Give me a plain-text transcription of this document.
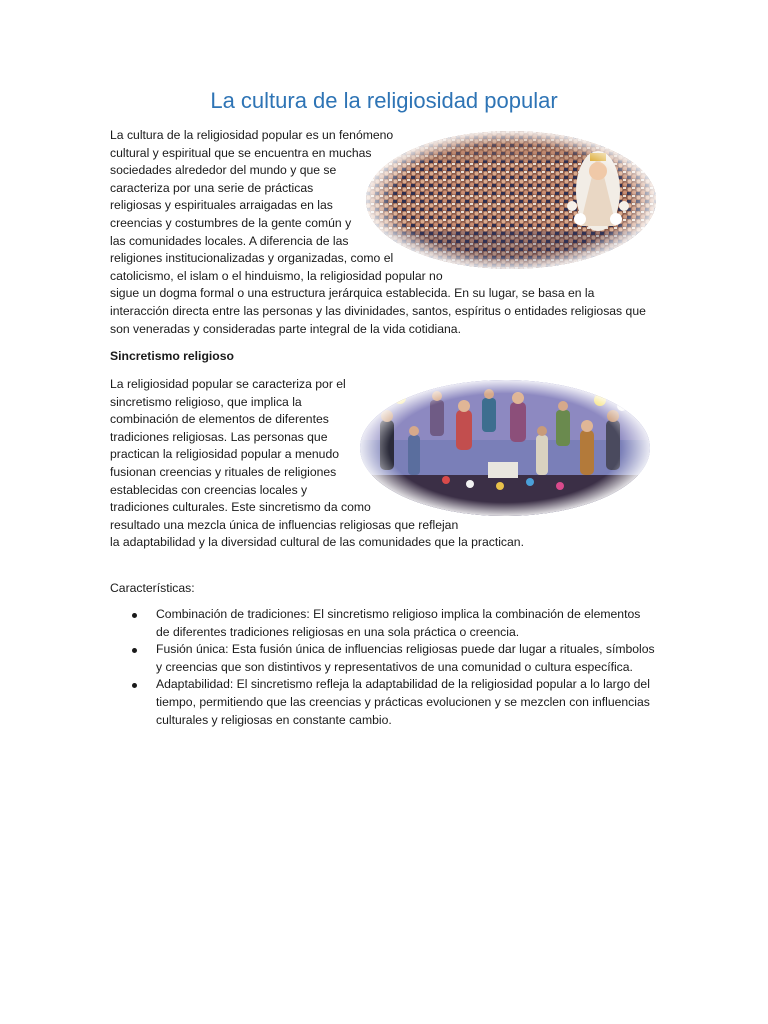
La cultura de la religiosidad popular

La cultura de la religiosidad popular es un fenómeno cultural y espiritual que se encuentra en muchas sociedades alrededor del mundo y que se caracteriza por una serie de prácticas religiosas y espirituales arraigadas en las creencias y costumbres de la gente común y las comunidades locales. A diferencia de las religiones institucionalizadas y organizadas, como el catolicismo, el islam o el hinduismo, la religiosidad popular no sigue un dogma formal o una estructura jerárquica establecida. En su lugar, se basa en la interacción directa entre las personas y las divinidades, santos, espíritus o entidades religiosas que son veneradas y consideradas parte integral de la vida cotidiana.

Sincretismo religioso

La religiosidad popular se caracteriza por el sincretismo religioso, que implica la combinación de elementos de diferentes tradiciones religiosas. Las personas que practican la religiosidad popular a menudo fusionan creencias y rituales de religiones establecidas con creencias locales y tradiciones culturales. Este sincretismo da como resultado una mezcla única de influencias religiosas que reflejan la adaptabilidad y la diversidad cultural de las comunidades que la practican.

Características:

Combinación de tradiciones: El sincretismo religioso implica la combinación de elementos de diferentes tradiciones religiosas en una sola práctica o creencia.
Fusión única: Esta fusión única de influencias religiosas puede dar lugar a rituales, símbolos y creencias que son distintivos y representativos de una comunidad o cultura específica.
Adaptabilidad: El sincretismo refleja la adaptabilidad de la religiosidad popular a lo largo del tiempo, permitiendo que las creencias y prácticas evolucionen y se mezclen con influencias culturales y religiosas en constante cambio.
